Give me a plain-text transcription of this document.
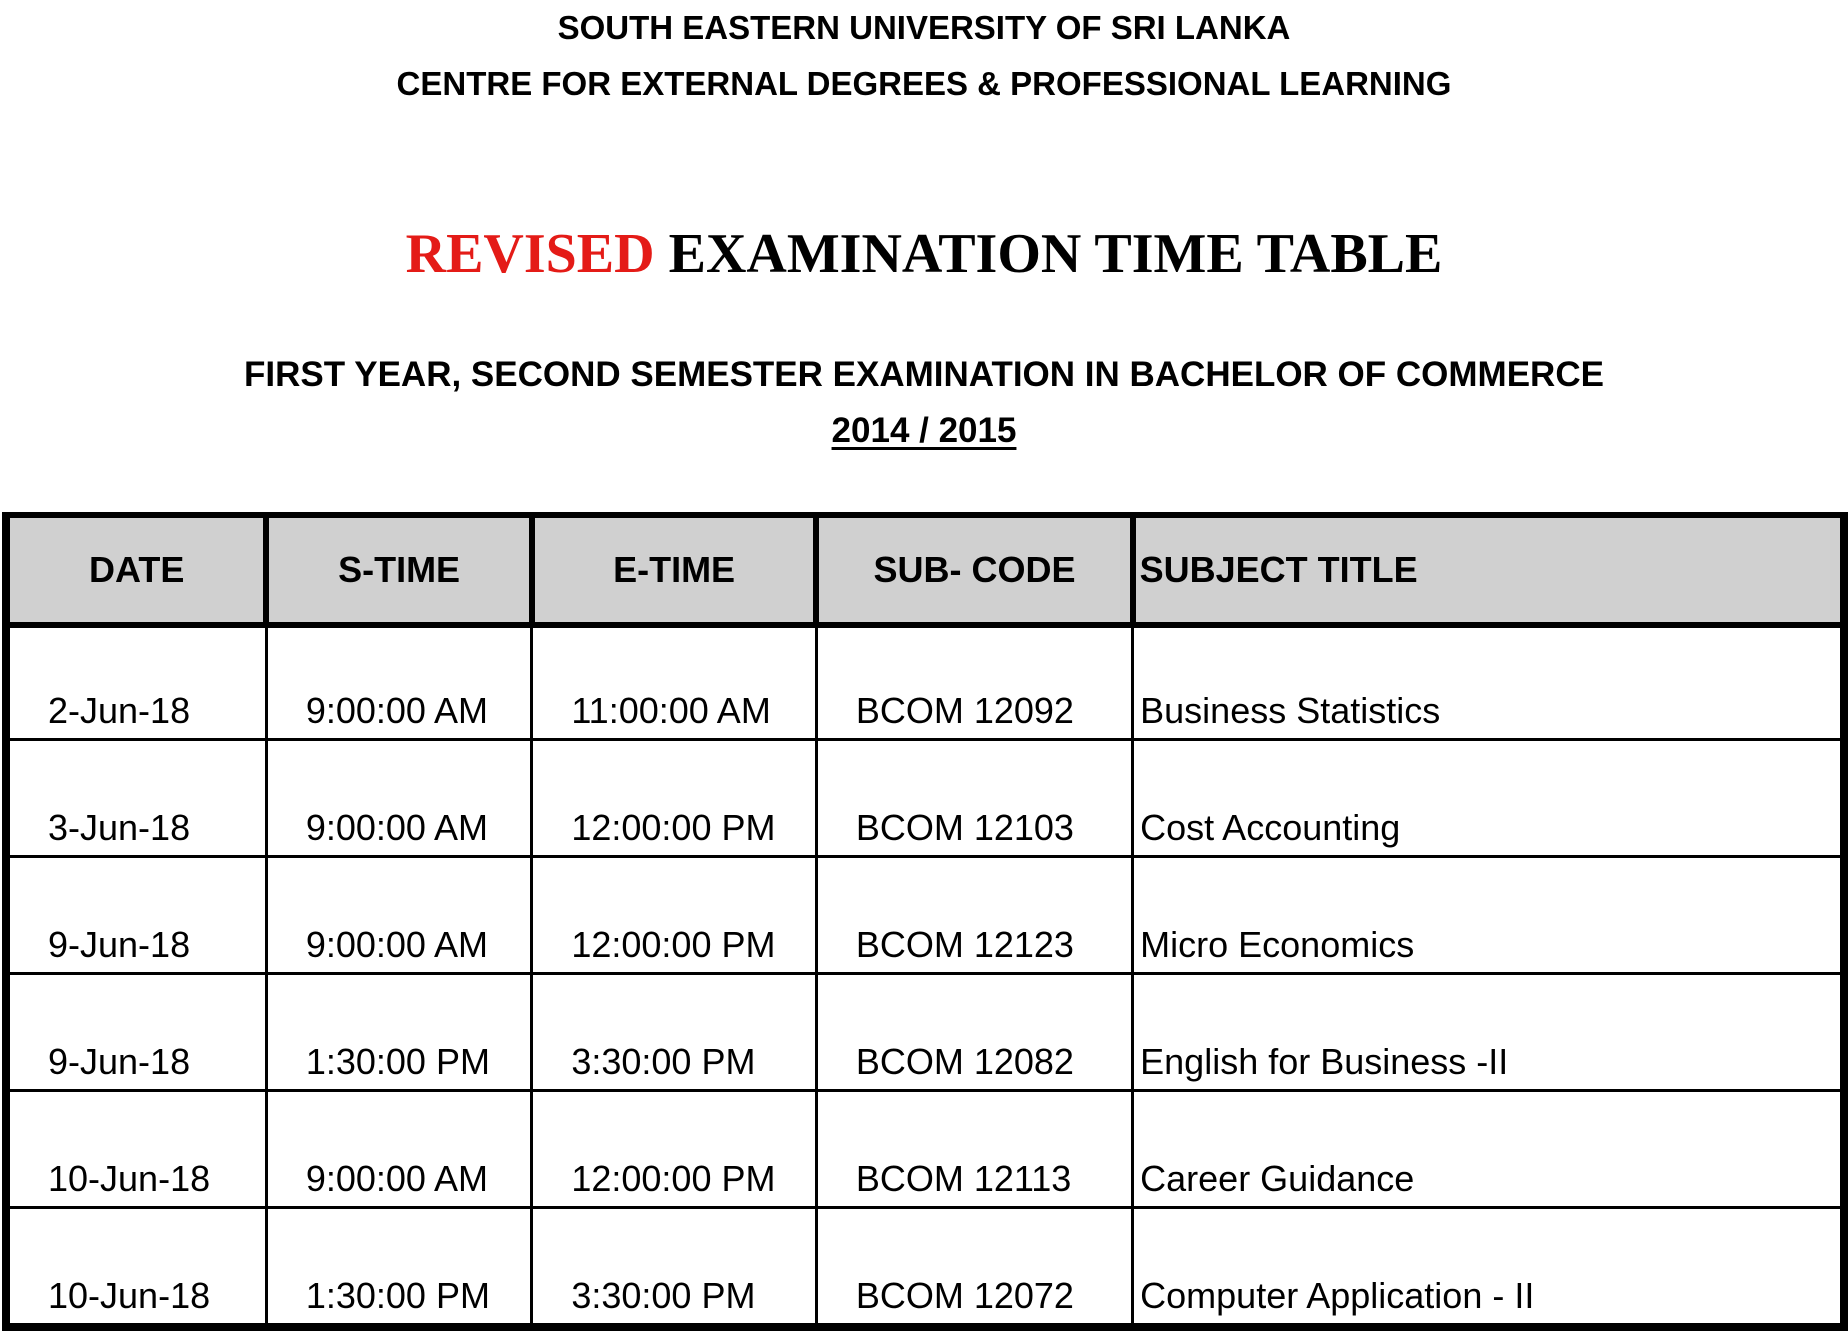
SOUTH EASTERN UNIVERSITY OF SRI LANKA
CENTRE FOR EXTERNAL DEGREES & PROFESSIONAL LEARNING
REVISED EXAMINATION TIME TABLE
FIRST YEAR, SECOND SEMESTER EXAMINATION IN BACHELOR OF COMMERCE
2014 / 2015
DATE	S-TIME	E-TIME	SUB- CODE	SUBJECT TITLE
2-Jun-18	9:00:00 AM	11:00:00 AM	BCOM 12092	Business Statistics
3-Jun-18	9:00:00 AM	12:00:00 PM	BCOM 12103	Cost Accounting
9-Jun-18	9:00:00 AM	12:00:00 PM	BCOM 12123	Micro Economics
9-Jun-18	1:30:00 PM	3:30:00 PM	BCOM 12082	English for Business -II
10-Jun-18	9:00:00 AM	12:00:00 PM	BCOM 12113	Career Guidance
10-Jun-18	1:30:00 PM	3:30:00 PM	BCOM 12072	Computer Application - II
